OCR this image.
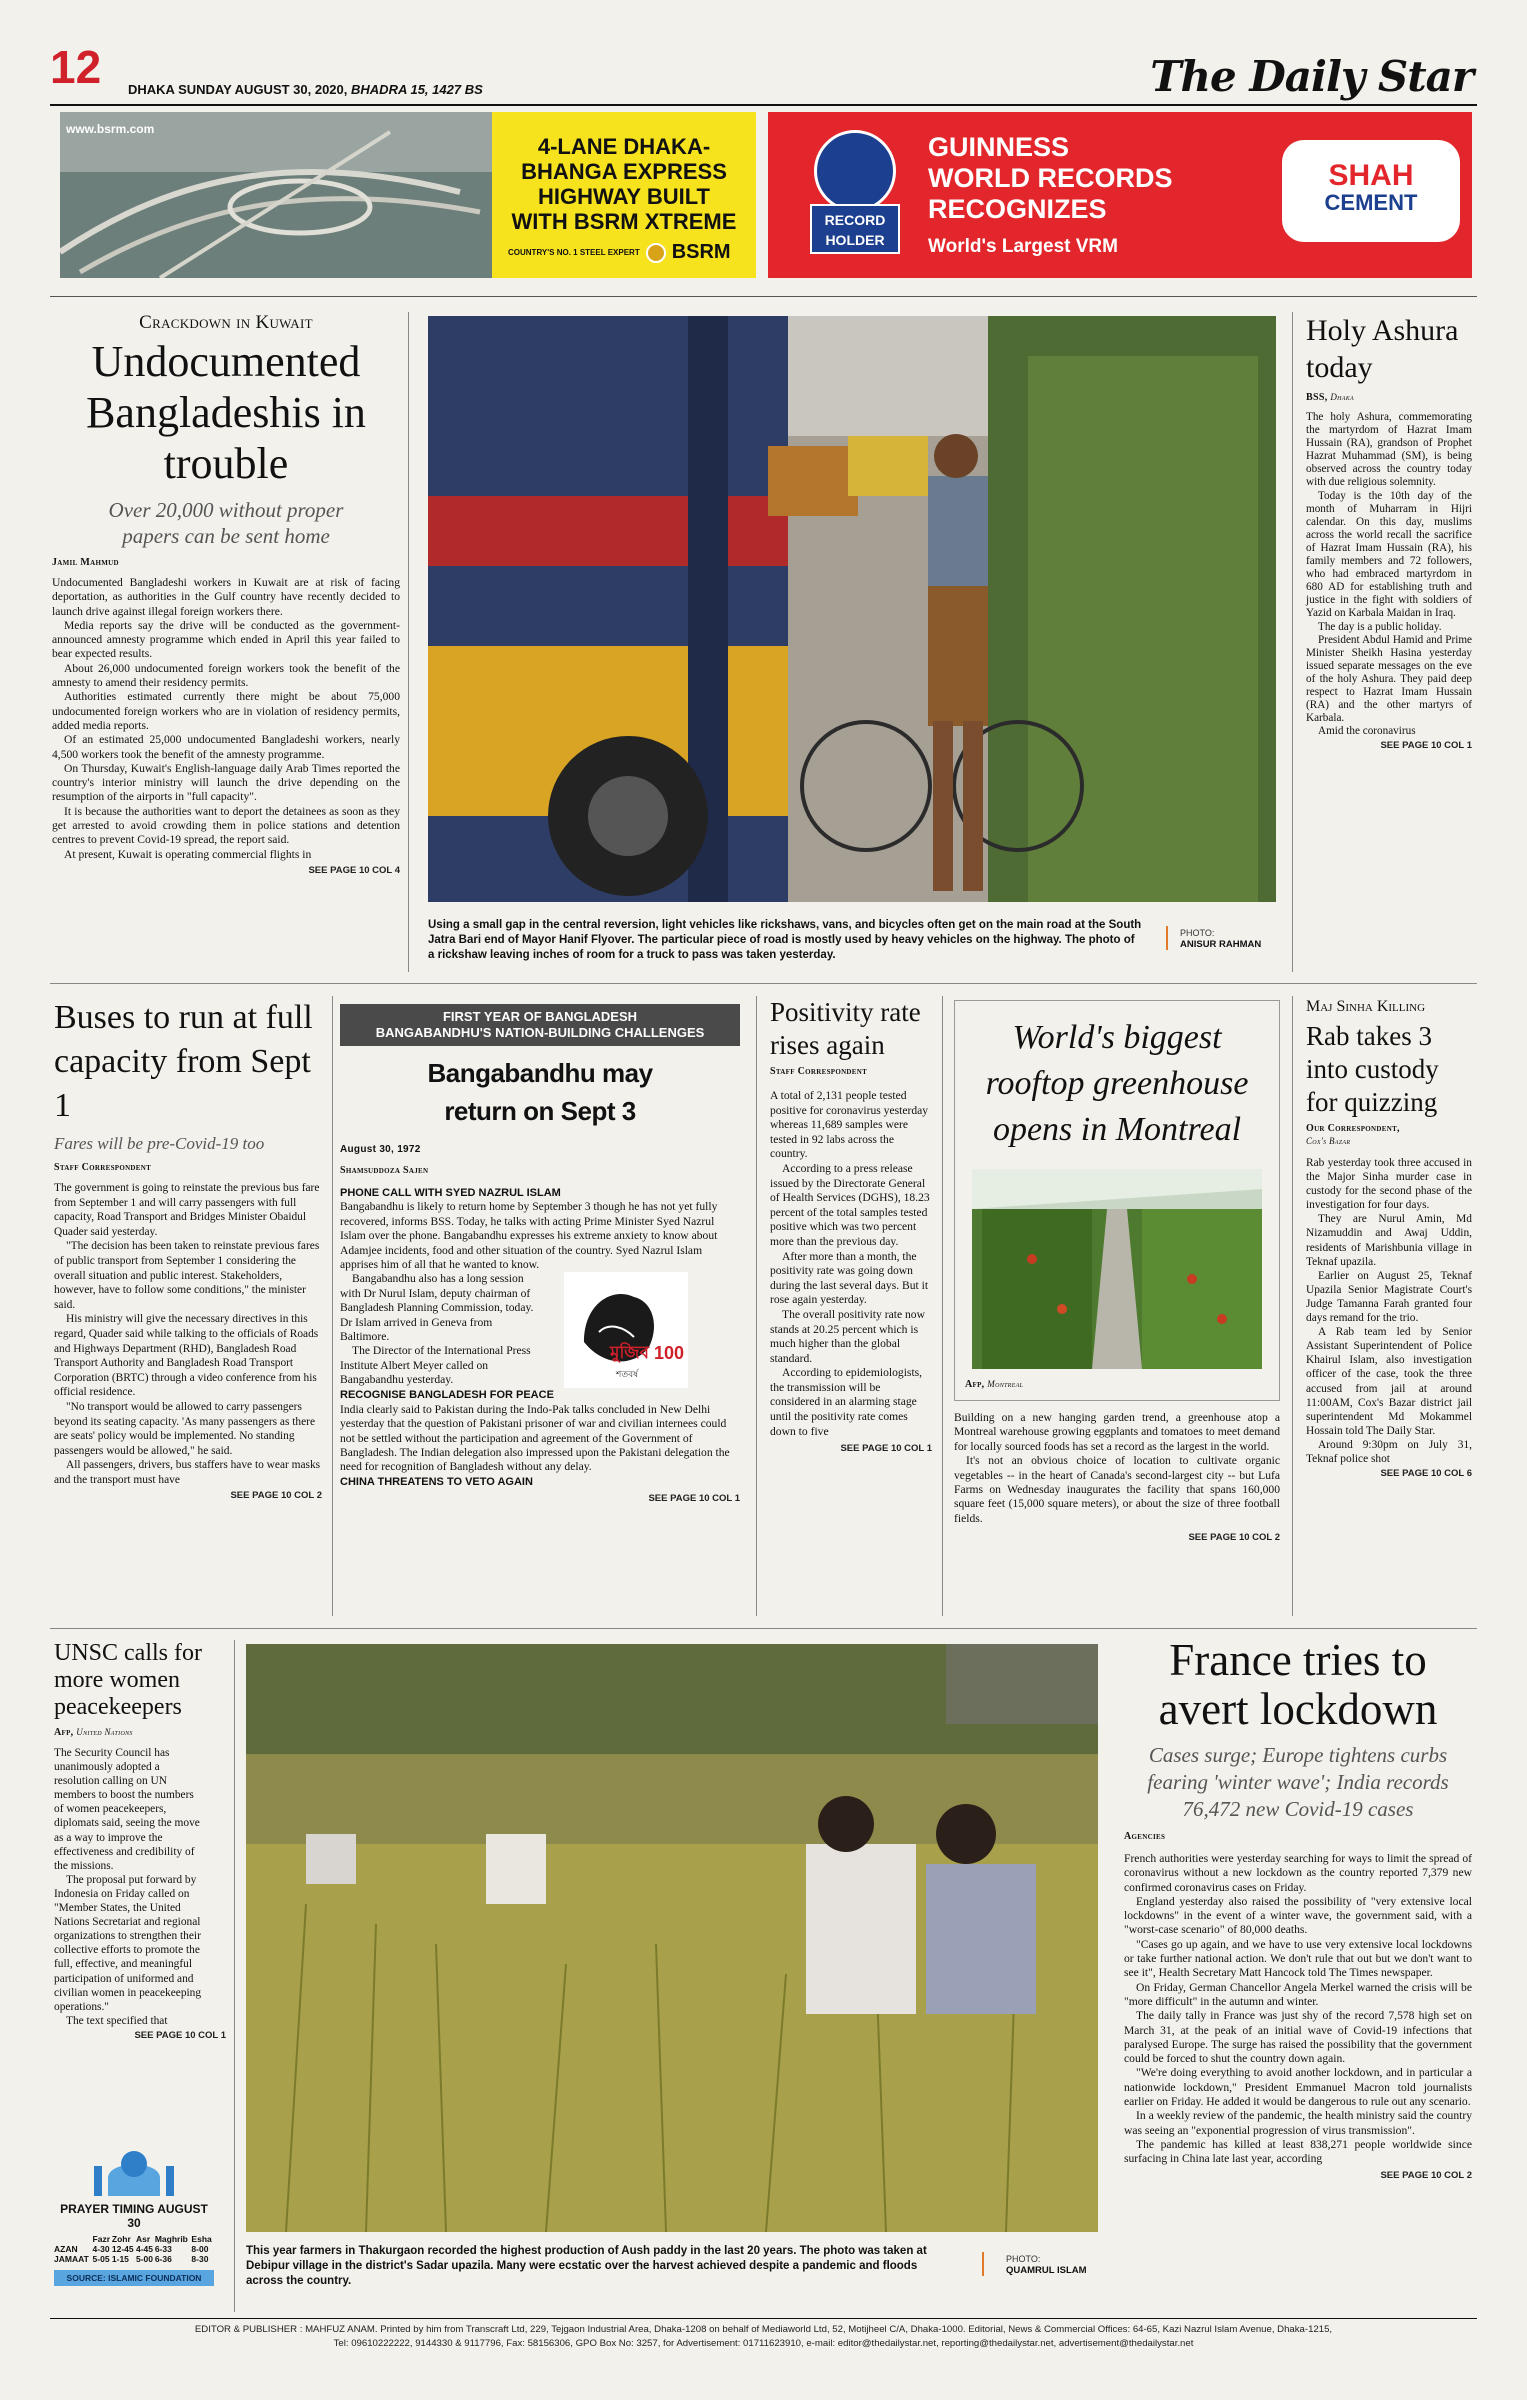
12 DHAKA SUNDAY AUGUST 30, 2020, BHADRA 15, 1427 BS	The Daily Star
www.bsrm.com
4-LANE DHAKA-BHANGA EXPRESS HIGHWAY BUILT WITH BSRM XTREME
COUNTRY'S NO. 1 STEEL EXPERT BSRM
RECORD
HOLDER
GUINNESS
WORLD RECORDS
RECOGNIZES
World's Largest VRM
SHAH
CEMENT
Crackdown in Kuwait
Undocumented Bangladeshis in trouble
Over 20,000 without proper papers can be sent home
Jamil Mahmud

Undocumented Bangladeshi workers in Kuwait are at risk of facing deportation, as authorities in the Gulf country have recently decided to launch drive against illegal foreign workers there.

Media reports say the drive will be conducted as the government-announced amnesty programme which ended in April this year failed to bear expected results.

About 26,000 undocumented foreign workers took the benefit of the amnesty to amend their residency permits.

Authorities estimated currently there might be about 75,000 undocumented foreign workers who are in violation of residency permits, added media reports.

Of an estimated 25,000 undocumented Bangladeshi workers, nearly 4,500 workers took the benefit of the amnesty programme.

On Thursday, Kuwait's English-language daily Arab Times reported the country's interior ministry will launch the drive depending on the resumption of the airports in "full capacity".

It is because the authorities want to deport the detainees as soon as they get arrested to avoid crowding them in police stations and detention centres to prevent Covid-19 spread, the report said.

At present, Kuwait is operating commercial flights in

SEE PAGE 10 COL 4
Using a small gap in the central reversion, light vehicles like rickshaws, vans, and bicycles often get on the main road at the South Jatra Bari end of Mayor Hanif Flyover. The particular piece of road is mostly used by heavy vehicles on the highway. The photo of a rickshaw leaving inches of room for a truck to pass was taken yesterday.
PHOTO:
ANISUR RAHMAN
Holy Ashura today
BSS, Dhaka

The holy Ashura, commemorating the martyrdom of Hazrat Imam Hussain (RA), grandson of Prophet Hazrat Muhammad (SM), is being observed across the country today with due religious solemnity.

Today is the 10th day of the month of Muharram in Hijri calendar. On this day, muslims across the world recall the sacrifice of Hazrat Imam Hussain (RA), his family members and 72 followers, who had embraced martyrdom in 680 AD for establishing truth and justice in the fight with soldiers of Yazid on Karbala Maidan in Iraq.

The day is a public holiday.

President Abdul Hamid and Prime Minister Sheikh Hasina yesterday issued separate messages on the eve of the holy Ashura. They paid deep respect to Hazrat Imam Hussain (RA) and the other martyrs of Karbala.

Amid the coronavirus

SEE PAGE 10 COL 1
Buses to run at full capacity from Sept 1
Fares will be pre-Covid-19 too
Staff Correspondent

The government is going to reinstate the previous bus fare from September 1 and will carry passengers with full capacity, Road Transport and Bridges Minister Obaidul Quader said yesterday.

"The decision has been taken to reinstate previous fares of public transport from September 1 considering the overall situation and public interest. Stakeholders, however, have to follow some conditions," the minister said.

His ministry will give the necessary directives in this regard, Quader said while talking to the officials of Roads and Highways Department (RHD), Bangladesh Road Transport Authority and Bangladesh Road Transport Corporation (BRTC) through a video conference from his official residence.

"No transport would be allowed to carry passengers beyond its seating capacity. 'As many passengers as there are seats' policy would be implemented. No standing passengers would be allowed," he said.

All passengers, drivers, bus staffers have to wear masks and the transport must have

SEE PAGE 10 COL 2
FIRST YEAR OF BANGLADESH
BANGABANDHU'S NATION-BUILDING CHALLENGES
Bangabandhu may return on Sept 3
August 30, 1972
Shamsuddoza Sajen

PHONE CALL WITH SYED NAZRUL ISLAM

Bangabandhu is likely to return home by September 3 though he has not yet fully recovered, informs BSS. Today, he talks with acting Prime Minister Syed Nazrul Islam over the phone. Bangabandhu expresses his extreme anxiety to know about Adamjee incidents, food and other situation of the country. Syed Nazrul Islam apprises him of all that he wanted to know.

Bangabandhu also has a long session with Dr Nurul Islam, deputy chairman of Bangladesh Planning Commission, today. Dr Islam arrived in Geneva from Baltimore.

The Director of the International Press Institute Albert Meyer called on Bangabandhu yesterday.

মুজিব
শতবর্ষ
100

RECOGNISE BANGLADESH FOR PEACE

India clearly said to Pakistan during the Indo-Pak talks concluded in New Delhi yesterday that the question of Pakistani prisoner of war and civilian internees could not be settled without the participation and agreement of the Government of Bangladesh. The Indian delegation also impressed upon the Pakistani delegation the need for recognition of Bangladesh without any delay.

CHINA THREATENS TO VETO AGAIN

SEE PAGE 10 COL 1
Positivity rate rises again
Staff Correspondent

A total of 2,131 people tested positive for coronavirus yesterday whereas 11,689 samples were tested in 92 labs across the country.

According to a press release issued by the Directorate General of Health Services (DGHS), 18.23 percent of the total samples tested positive which was two percent more than the previous day.

After more than a month, the positivity rate was going down during the last several days. But it rose again yesterday.

The overall positivity rate now stands at 20.25 percent which is much higher than the global standard.

According to epidemiologists, the transmission will be considered in an alarming stage until the positivity rate comes down to five

SEE PAGE 10 COL 1
World's biggest rooftop greenhouse opens in Montreal
Afp, Montreal

Building on a new hanging garden trend, a greenhouse atop a Montreal warehouse growing eggplants and tomatoes to meet demand for locally sourced foods has set a record as the largest in the world.

It's not an obvious choice of location to cultivate organic vegetables -- in the heart of Canada's second-largest city -- but Lufa Farms on Wednesday inaugurates the facility that spans 160,000 square feet (15,000 square meters), or about the size of three football fields.

SEE PAGE 10 COL 2
Maj Sinha Killing
Rab takes 3 into custody for quizzing
Our Correspondent,
Cox's Bazar

Rab yesterday took three accused in the Major Sinha murder case in custody for the second phase of the investigation for four days.

They are Nurul Amin, Md Nizamuddin and Awaj Uddin, residents of Marishbunia village in Teknaf upazila.

Earlier on August 25, Teknaf Upazila Senior Magistrate Court's Judge Tamanna Farah granted four days remand for the trio.

A Rab team led by Senior Assistant Superintendent of Police Khairul Islam, also investigation officer of the case, took the three accused from jail at around 11:00AM, Cox's Bazar district jail superintendent Md Mokammel Hossain told The Daily Star.

Around 9:30pm on July 31, Teknaf police shot

SEE PAGE 10 COL 6
UNSC calls for more women peacekeepers
Afp, United Nations

The Security Council has unanimously adopted a resolution calling on UN members to boost the numbers of women peacekeepers, diplomats said, seeing the move as a way to improve the effectiveness and credibility of the missions.

The proposal put forward by Indonesia on Friday called on "Member States, the United Nations Secretariat and regional organizations to strengthen their collective efforts to promote the full, effective, and meaningful participation of uniformed and civilian women in peacekeeping operations."

The text specified that

SEE PAGE 10 COL 1
PRAYER TIMING AUGUST 30
	Fazr	Zohr	Asr	Maghrib	Esha
AZAN	4-30	12-45	4-45	6-33	8-00
JAMAAT	5-05	1-15	5-00	6-36	8-30
SOURCE: ISLAMIC FOUNDATION
This year farmers in Thakurgaon recorded the highest production of Aush paddy in the last 20 years. The photo was taken at Debipur village in the district's Sadar upazila. Many were ecstatic over the harvest achieved despite a pandemic and floods across the country.
PHOTO:
QUAMRUL ISLAM
France tries to avert lockdown
Cases surge; Europe tightens curbs fearing 'winter wave'; India records 76,472 new Covid-19 cases
Agencies

French authorities were yesterday searching for ways to limit the spread of coronavirus without a new lockdown as the country reported 7,379 new confirmed coronavirus cases on Friday.

England yesterday also raised the possibility of "very extensive local lockdowns" in the event of a winter wave, the government said, with a "worst-case scenario" of 80,000 deaths.

"Cases go up again, and we have to use very extensive local lockdowns or take further national action. We don't rule that out but we don't want to see it", Health Secretary Matt Hancock told The Times newspaper.

On Friday, German Chancellor Angela Merkel warned the crisis will be "more difficult" in the autumn and winter.

The daily tally in France was just shy of the record 7,578 high set on March 31, at the peak of an initial wave of Covid-19 infections that paralysed Europe. The surge has raised the possibility that the government could be forced to shut the country down again.

"We're doing everything to avoid another lockdown, and in particular a nationwide lockdown," President Emmanuel Macron told journalists earlier on Friday. He added it would be dangerous to rule out any scenario.

In a weekly review of the pandemic, the health ministry said the country was seeing an "exponential progression of virus transmission".

The pandemic has killed at least 838,271 people worldwide since surfacing in China late last year, according

SEE PAGE 10 COL 2
EDITOR & PUBLISHER : MAHFUZ ANAM. Printed by him from Transcraft Ltd, 229, Tejgaon Industrial Area, Dhaka-1208 on behalf of Mediaworld Ltd, 52, Motijheel C/A, Dhaka-1000. Editorial, News & Commercial Offices: 64-65, Kazi Nazrul Islam Avenue, Dhaka-1215,
Tel: 09610222222, 9144330 & 9117796, Fax: 58156306, GPO Box No: 3257, for Advertisement: 01711623910, e-mail: editor@thedailystar.net, reporting@thedailystar.net, advertisement@thedailystar.net
